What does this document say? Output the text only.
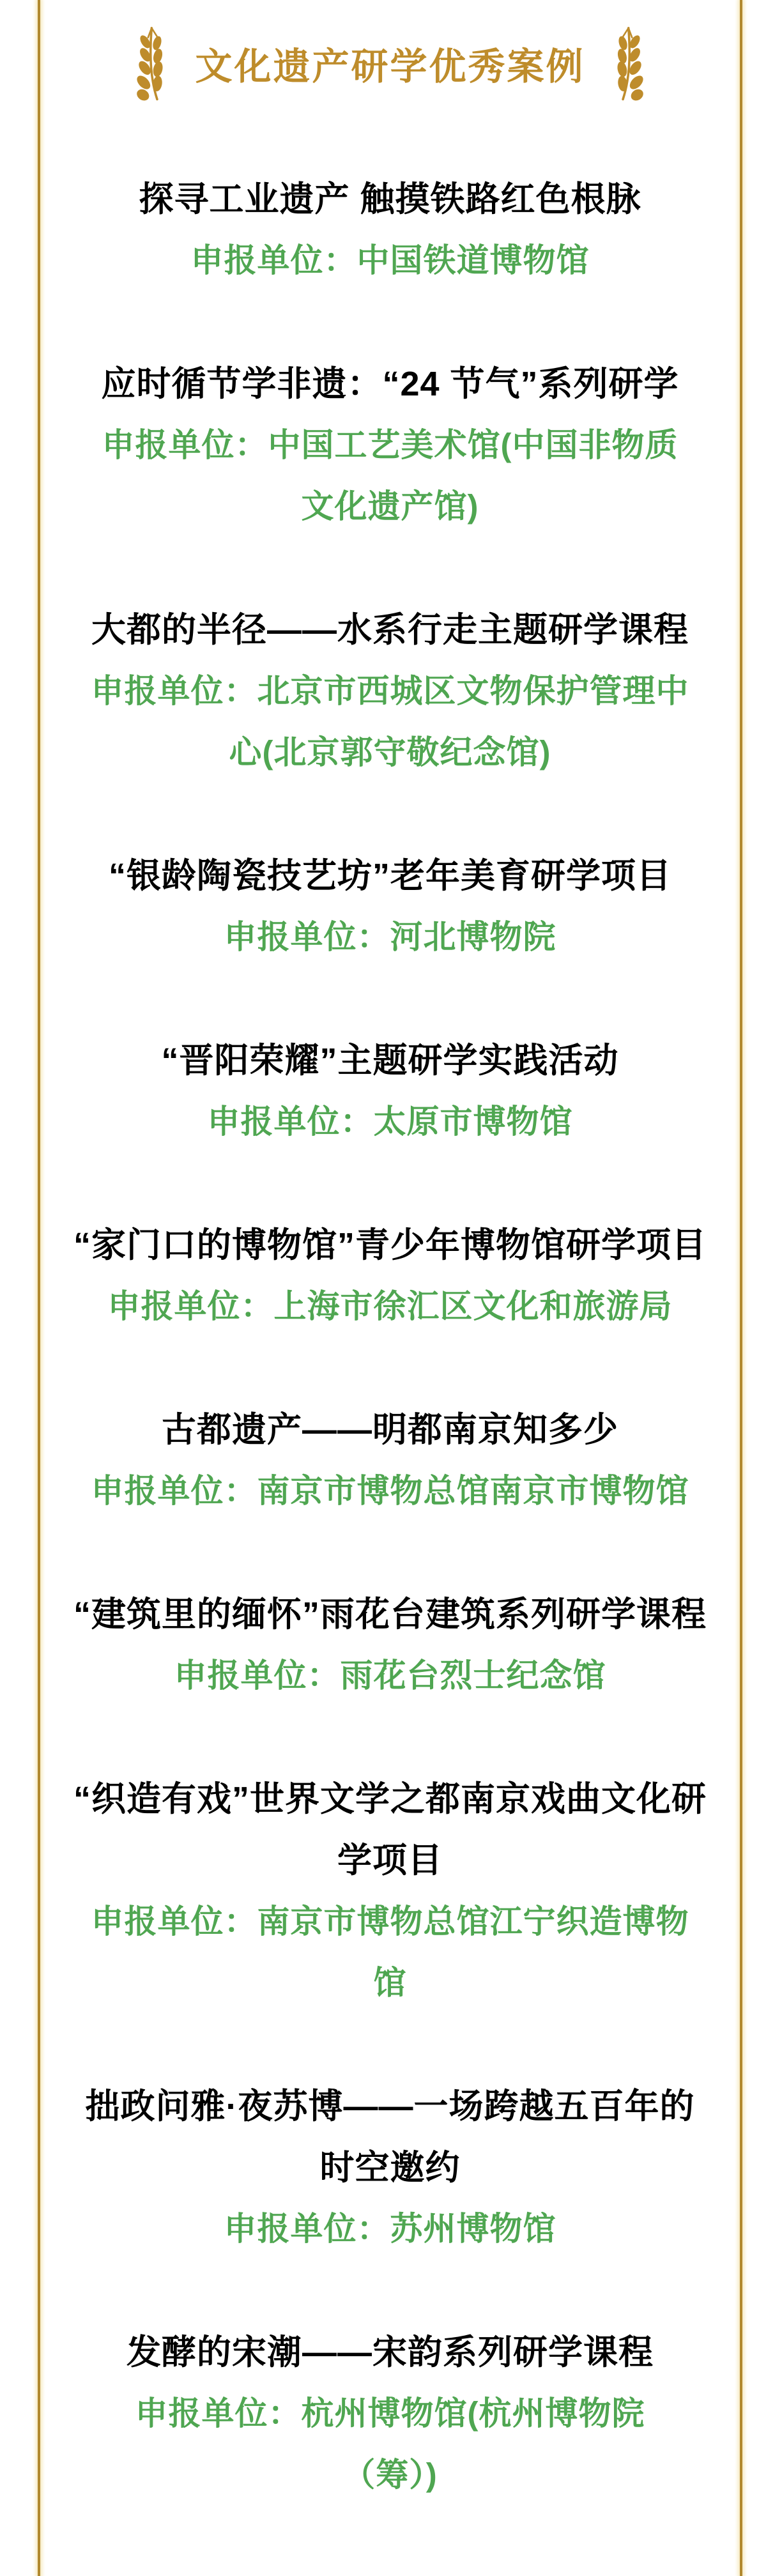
文化遗产研学优秀案例
探寻工业遗产 触摸铁路红色根脉
申报单位：中国铁道博物馆
应时循节学非遗：“24 节气”系列研学
申报单位：中国工艺美术馆(中国非物质
文化遗产馆)
大都的半径——水系行走主题研学课程
申报单位：北京市西城区文物保护管理中
心(北京郭守敬纪念馆)
“银龄陶瓷技艺坊”老年美育研学项目
申报单位：河北博物院
“晋阳荣耀”主题研学实践活动
申报单位：太原市博物馆
“家门口的博物馆”青少年博物馆研学项目
申报单位：上海市徐汇区文化和旅游局
古都遗产——明都南京知多少
申报单位：南京市博物总馆南京市博物馆
“建筑里的缅怀”雨花台建筑系列研学课程
申报单位：雨花台烈士纪念馆
“织造有戏”世界文学之都南京戏曲文化研
学项目
申报单位：南京市博物总馆江宁织造博物
馆
拙政问雅·夜苏博——一场跨越五百年的
时空邀约
申报单位：苏州博物馆
发酵的宋潮——宋韵系列研学课程
申报单位：杭州博物馆(杭州博物院
（筹）)
